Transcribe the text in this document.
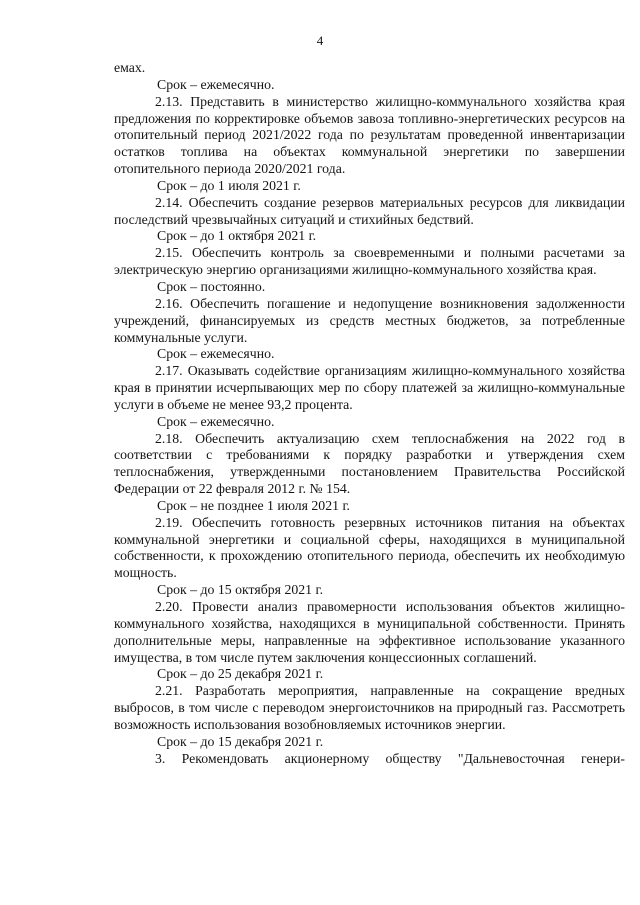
4

емах.

Срок – ежемесячно.

2.13. Представить в министерство жилищно-коммунального хозяйства края предложения по корректировке объемов завоза топливно-энергетических ресурсов на отопительный период 2021/2022 года по результатам проведенной инвентаризации остатков топлива на объектах коммунальной энергетики по завершении отопительного периода 2020/2021 года.

Срок – до 1 июля 2021 г.

2.14. Обеспечить создание резервов материальных ресурсов для ликвидации последствий чрезвычайных ситуаций и стихийных бедствий.

Срок – до 1 октября 2021 г.

2.15. Обеспечить контроль за своевременными и полными расчетами за электрическую энергию организациями жилищно-коммунального хозяйства края.

Срок – постоянно.

2.16. Обеспечить погашение и недопущение возникновения задолженности учреждений, финансируемых из средств местных бюджетов, за потребленные коммунальные услуги.

Срок – ежемесячно.

2.17. Оказывать содействие организациям жилищно-коммунального хозяйства края в принятии исчерпывающих мер по сбору платежей за жилищно-коммунальные услуги в объеме не менее 93,2 процента.

Срок – ежемесячно.

2.18. Обеспечить актуализацию схем теплоснабжения на 2022 год в соответствии с требованиями к порядку разработки и утверждения схем теплоснабжения, утвержденными постановлением Правительства Российской Федерации от 22 февраля 2012 г. № 154.

Срок – не позднее 1 июля 2021 г.

2.19. Обеспечить готовность резервных источников питания на объектах коммунальной энергетики и социальной сферы, находящихся в муниципальной собственности, к прохождению отопительного периода, обеспечить их необходимую мощность.

Срок – до 15 октября 2021 г.

2.20. Провести анализ правомерности использования объектов жилищно-коммунального хозяйства, находящихся в муниципальной собственности. Принять дополнительные меры, направленные на эффективное использование указанного имущества, в том числе путем заключения концессионных соглашений.

Срок – до 25 декабря 2021 г.

2.21. Разработать мероприятия, направленные на сокращение вредных выбросов, в том числе с переводом энергоисточников на природный газ. Рассмотреть возможность использования возобновляемых источников энергии.

Срок – до 15 декабря 2021 г.

3. Рекомендовать акционерному обществу "Дальневосточная генери-
